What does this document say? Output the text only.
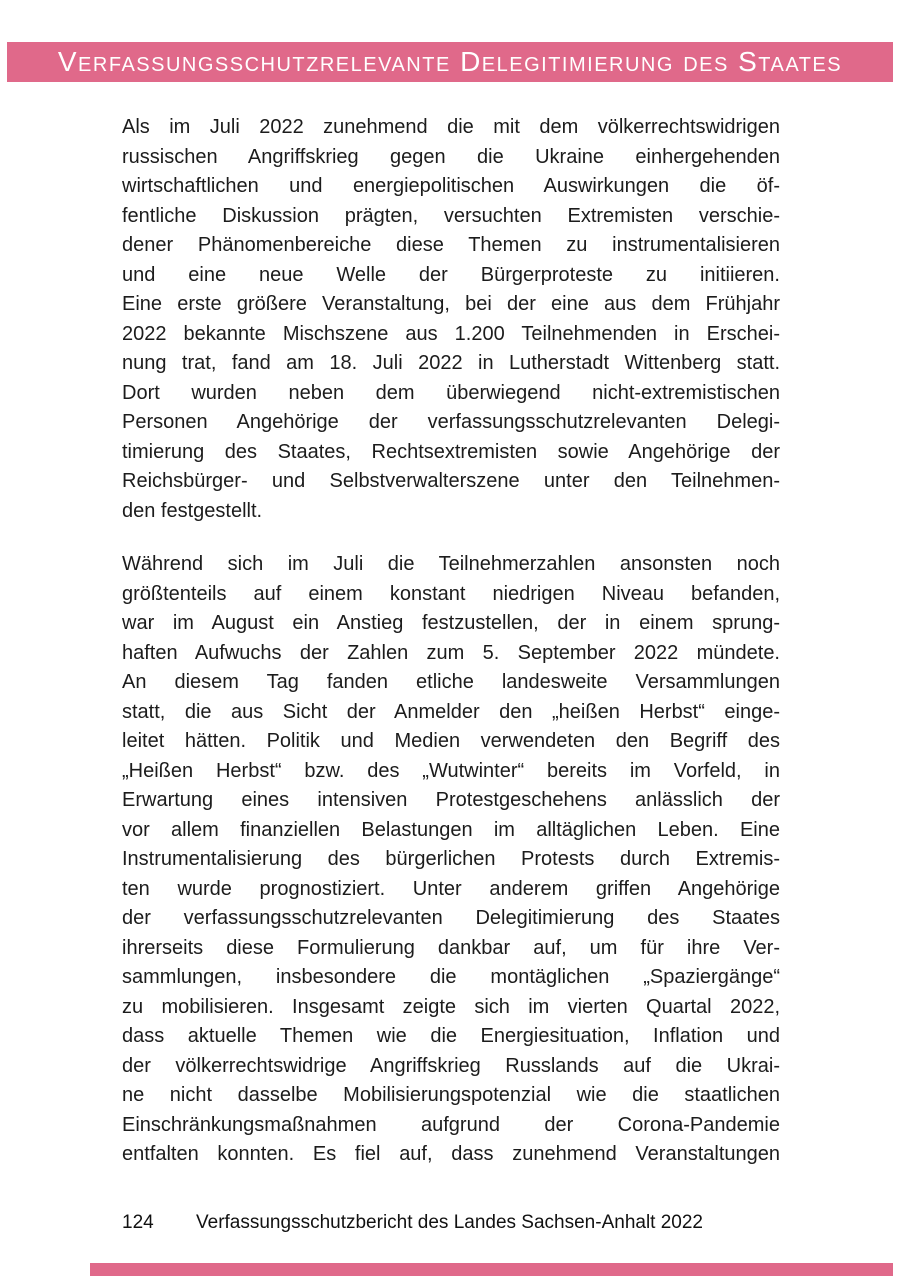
Verfassungsschutzrelevante Delegitimierung des Staates
Als im Juli 2022 zunehmend die mit dem völkerrechtswidrigen
russischen Angriffskrieg gegen die Ukraine einhergehenden
wirtschaftlichen und energiepolitischen Auswirkungen die öf-
fentliche Diskussion prägten, versuchten Extremisten verschie-
dener Phänomenbereiche diese Themen zu instrumentalisieren
und eine neue Welle der Bürgerproteste zu initiieren.
Eine erste größere Veranstaltung, bei der eine aus dem Frühjahr
2022 bekannte Mischszene aus 1.200 Teilnehmenden in Erschei-
nung trat, fand am 18. Juli 2022 in Lutherstadt Wittenberg statt.
Dort wurden neben dem überwiegend nicht-extremistischen
Personen Angehörige der verfassungsschutzrelevanten Delegi-
timierung des Staates, Rechtsextremisten sowie Angehörige der
Reichsbürger- und Selbstverwalterszene unter den Teilnehmen-
den festgestellt.
Während sich im Juli die Teilnehmerzahlen ansonsten noch
größtenteils auf einem konstant niedrigen Niveau befanden,
war im August ein Anstieg festzustellen, der in einem sprung-
haften Aufwuchs der Zahlen zum 5. September 2022 mündete.
An diesem Tag fanden etliche landesweite Versammlungen
statt, die aus Sicht der Anmelder den „heißen Herbst“ einge-
leitet hätten. Politik und Medien verwendeten den Begriff des
„Heißen Herbst“ bzw. des „Wutwinter“ bereits im Vorfeld, in
Erwartung eines intensiven Protestgeschehens anlässlich der
vor allem finanziellen Belastungen im alltäglichen Leben. Eine
Instrumentalisierung des bürgerlichen Protests durch Extremis-
ten wurde prognostiziert. Unter anderem griffen Angehörige
der verfassungsschutzrelevanten Delegitimierung des Staates
ihrerseits diese Formulierung dankbar auf, um für ihre Ver-
sammlungen, insbesondere die montäglichen „Spaziergänge“
zu mobilisieren. Insgesamt zeigte sich im vierten Quartal 2022,
dass aktuelle Themen wie die Energiesituation, Inflation und
der völkerrechtswidrige Angriffskrieg Russlands auf die Ukrai-
ne nicht dasselbe Mobilisierungspotenzial wie die staatlichen
Einschränkungsmaßnahmen aufgrund der Corona-Pandemie
entfalten konnten. Es fiel auf, dass zunehmend Veranstaltungen
124	Verfassungsschutzbericht des Landes Sachsen-Anhalt 2022
